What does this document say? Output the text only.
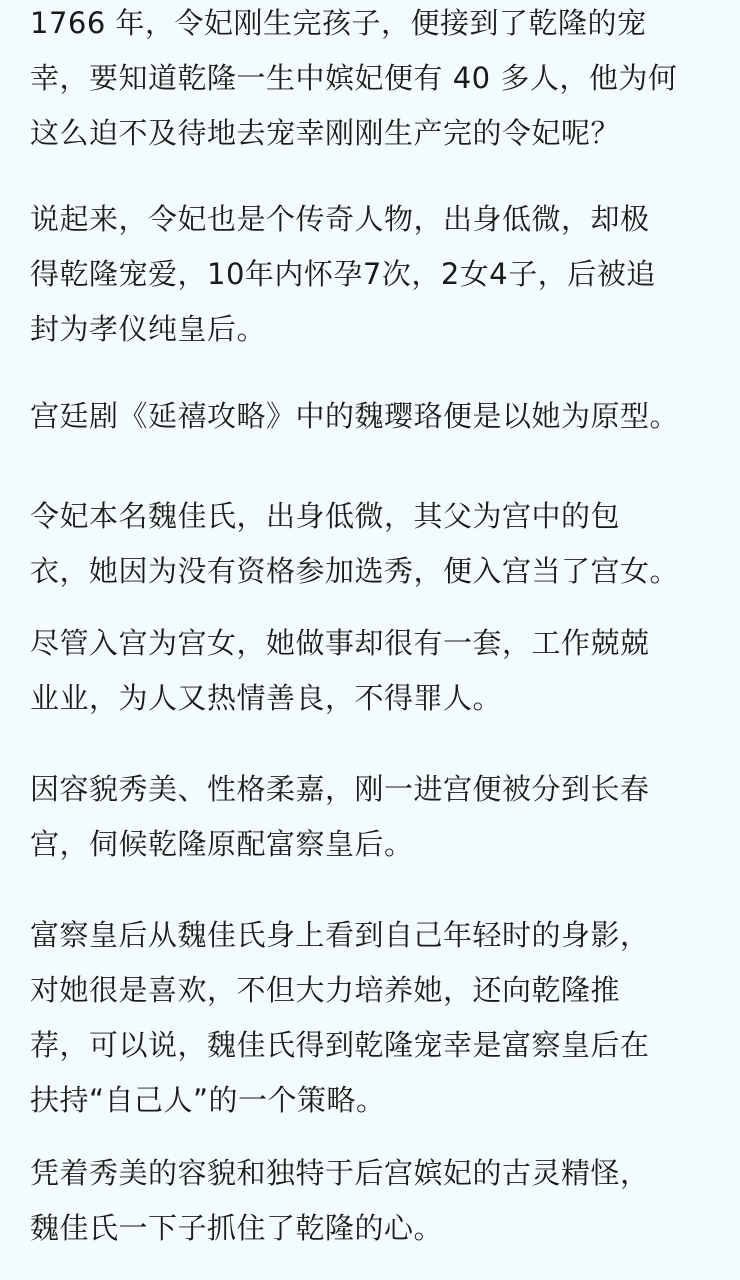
1766 年，令妃刚生完孩子，便接到了乾隆的宠
幸，要知道乾隆一生中嫔妃便有 40 多人，他为何
这么迫不及待地去宠幸刚刚生产完的令妃呢？
说起来，令妃也是个传奇人物，出身低微，却极
得乾隆宠爱，10年内怀孕7次，2女4子，后被追
封为孝仪纯皇后。
宫廷剧《延禧攻略》中的魏璎珞便是以她为原型。
令妃本名魏佳氏，出身低微，其父为宫中的包
衣，她因为没有资格参加选秀，便入宫当了宫女。
尽管入宫为宫女，她做事却很有一套，工作兢兢
业业，为人又热情善良，不得罪人。
因容貌秀美、性格柔嘉，刚一进宫便被分到长春
宫，伺候乾隆原配富察皇后。
富察皇后从魏佳氏身上看到自己年轻时的身影，
对她很是喜欢，不但大力培养她，还向乾隆推
荐，可以说，魏佳氏得到乾隆宠幸是富察皇后在
扶持“自己人”的一个策略。
凭着秀美的容貌和独特于后宫嫔妃的古灵精怪，
魏佳氏一下子抓住了乾隆的心。
